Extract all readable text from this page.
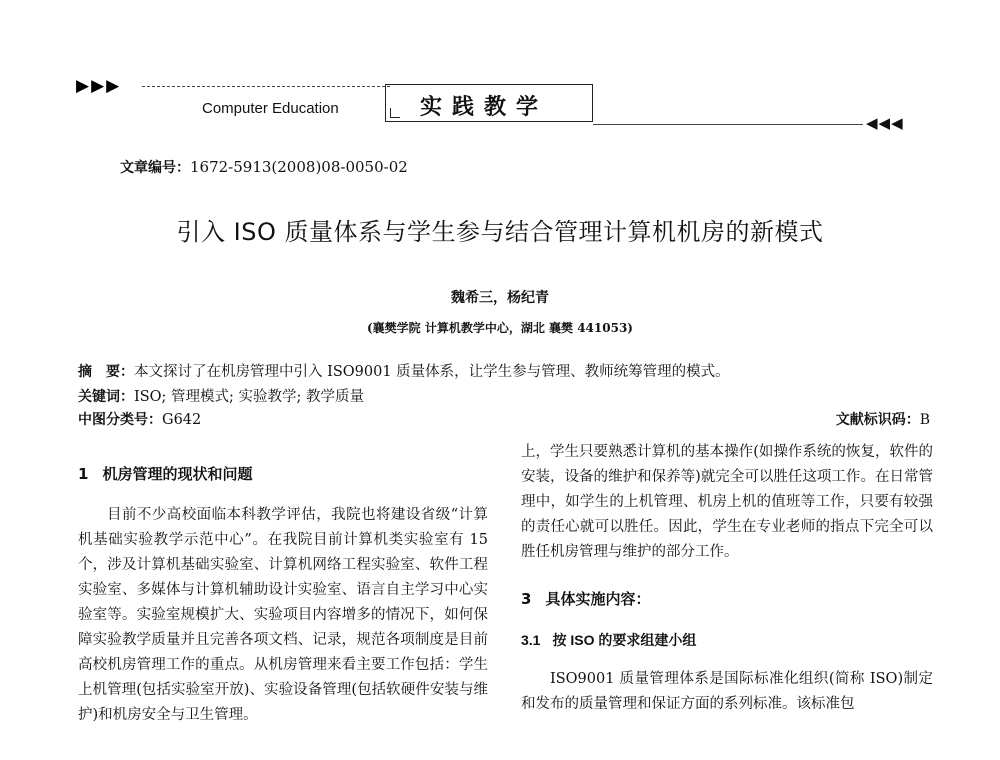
▶▶▶
Computer Education	实践教学
◀◀◀
文章编号：1672-5913(2008)08-0050-02
引入 ISO 质量体系与学生参与结合管理计算机机房的新模式
魏希三，杨纪青
(襄樊学院 计算机教学中心，湖北 襄樊 441053)
摘　要：本文探讨了在机房管理中引入 ISO9001 质量体系，让学生参与管理、教师统筹管理的模式。
关键词：ISO; 管理模式; 实验教学; 教学质量
中图分类号：G642	文献标识码：B
1 机房管理的现状和问题

目前不少高校面临本科教学评估，我院也将建设省级“计算机基础实验教学示范中心”。在我院目前计算机类实验室有 15 个，涉及计算机基础实验室、计算机网络工程实验室、软件工程实验室、多媒体与计算机辅助设计实验室、语言自主学习中心实验室等。实验室规模扩大、实验项目内容增多的情况下，如何保障实验教学质量并且完善各项文档、记录，规范各项制度是目前高校机房管理工作的重点。从机房管理来看主要工作包括：学生上机管理(包括实验室开放)、实验设备管理(包括软硬件安装与维护)和机房安全与卫生管理。

上，学生只要熟悉计算机的基本操作(如操作系统的恢复，软件的安装，设备的维护和保养等)就完全可以胜任这项工作。在日常管理中，如学生的上机管理、机房上机的值班等工作，只要有较强的责任心就可以胜任。因此，学生在专业老师的指点下完全可以胜任机房管理与维护的部分工作。

3 具体实施内容：
3.1 按 ISO 的要求组建小组

ISO9001 质量管理体系是国际标准化组织(简称 ISO)制定和发布的质量管理和保证方面的系列标准。该标准包
